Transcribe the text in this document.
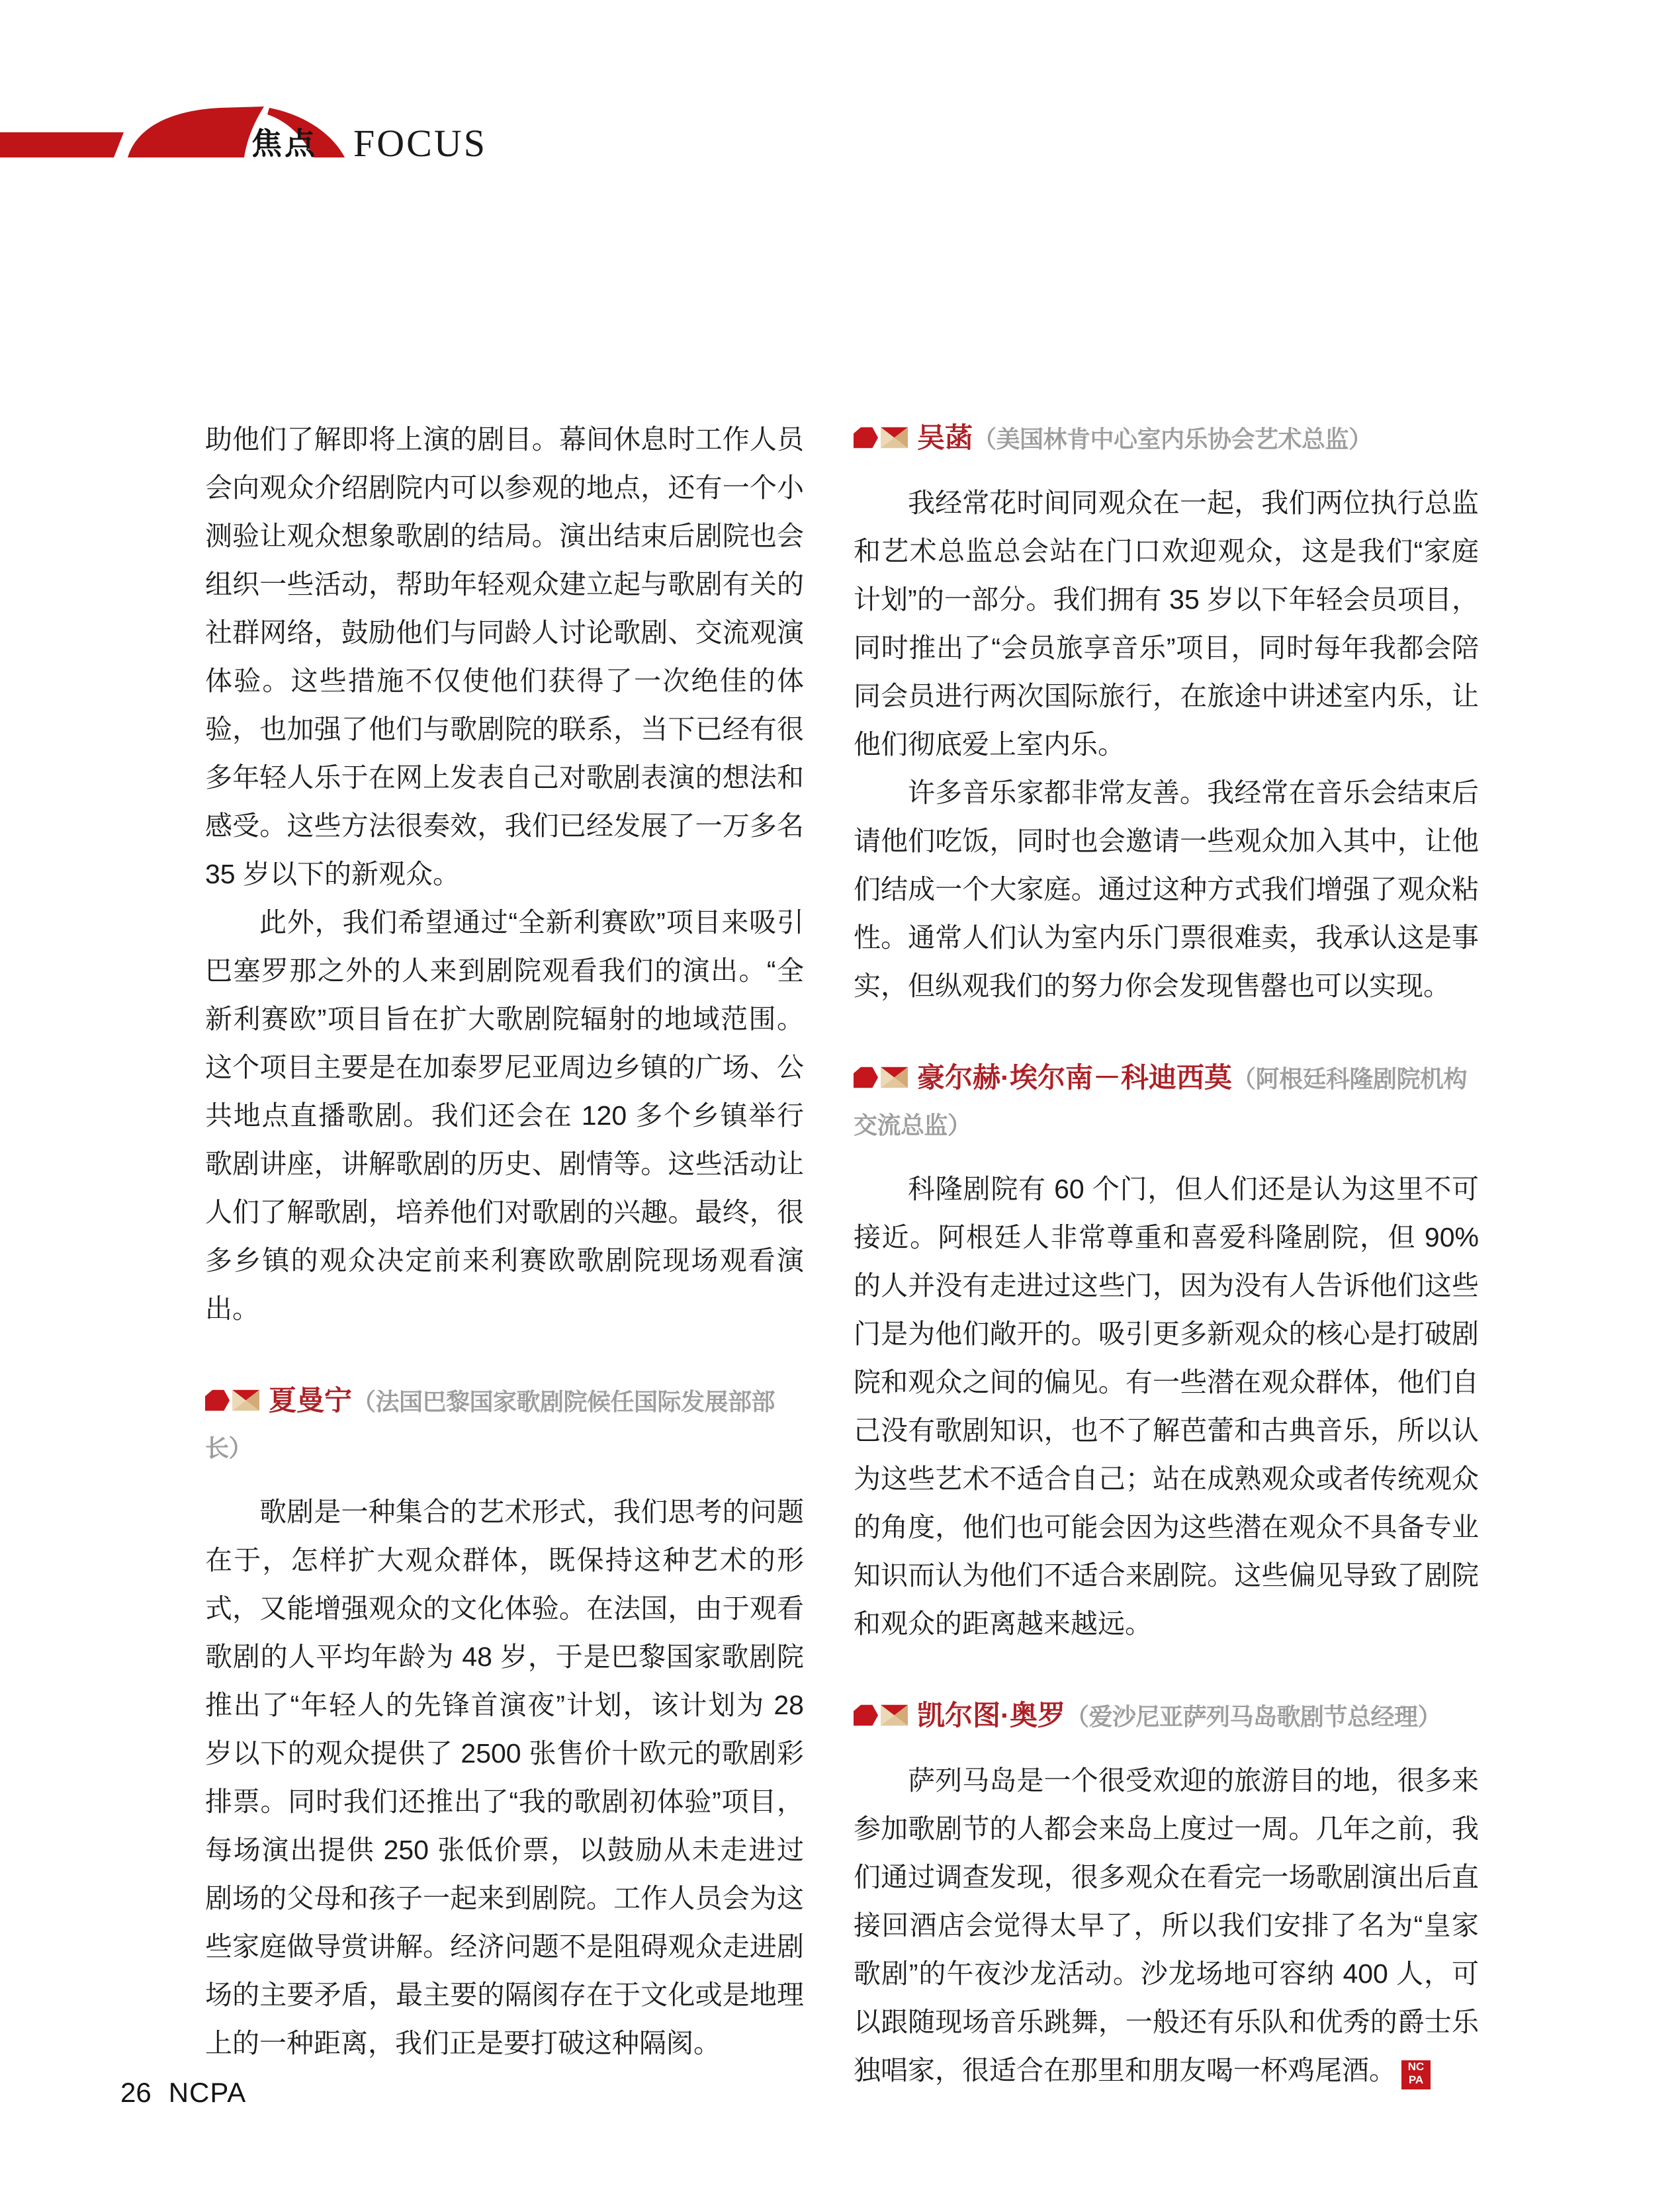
焦点 FOCUS

助他们了解即将上演的剧目。幕间休息时工作人员会向观众介绍剧院内可以参观的地点，还有一个小测验让观众想象歌剧的结局。演出结束后剧院也会组织一些活动，帮助年轻观众建立起与歌剧有关的社群网络，鼓励他们与同龄人讨论歌剧、交流观演体验。这些措施不仅使他们获得了一次绝佳的体验，也加强了他们与歌剧院的联系，当下已经有很多年轻人乐于在网上发表自己对歌剧表演的想法和感受。这些方法很奏效，我们已经发展了一万多名 35 岁以下的新观众。

此外，我们希望通过“全新利赛欧”项目来吸引巴塞罗那之外的人来到剧院观看我们的演出。“全新利赛欧”项目旨在扩大歌剧院辐射的地域范围。这个项目主要是在加泰罗尼亚周边乡镇的广场、公共地点直播歌剧。我们还会在 120 多个乡镇举行歌剧讲座，讲解歌剧的历史、剧情等。这些活动让人们了解歌剧，培养他们对歌剧的兴趣。最终，很多乡镇的观众决定前来利赛欧歌剧院现场观看演出。

夏曼宁（法国巴黎国家歌剧院候任国际发展部部长）

歌剧是一种集合的艺术形式，我们思考的问题在于，怎样扩大观众群体，既保持这种艺术的形式，又能增强观众的文化体验。在法国，由于观看歌剧的人平均年龄为 48 岁，于是巴黎国家歌剧院推出了“年轻人的先锋首演夜”计划，该计划为 28 岁以下的观众提供了 2500 张售价十欧元的歌剧彩排票。同时我们还推出了“我的歌剧初体验”项目，每场演出提供 250 张低价票，以鼓励从未走进过剧场的父母和孩子一起来到剧院。工作人员会为这些家庭做导赏讲解。经济问题不是阻碍观众走进剧场的主要矛盾，最主要的隔阂存在于文化或是地理上的一种距离，我们正是要打破这种隔阂。

吴菡（美国林肯中心室内乐协会艺术总监）

我经常花时间同观众在一起，我们两位执行总监和艺术总监总会站在门口欢迎观众，这是我们“家庭计划”的一部分。我们拥有 35 岁以下年轻会员项目，同时推出了“会员旅享音乐”项目，同时每年我都会陪同会员进行两次国际旅行，在旅途中讲述室内乐，让他们彻底爱上室内乐。

许多音乐家都非常友善。我经常在音乐会结束后请他们吃饭，同时也会邀请一些观众加入其中，让他们结成一个大家庭。通过这种方式我们增强了观众粘性。通常人们认为室内乐门票很难卖，我承认这是事实，但纵观我们的努力你会发现售罄也可以实现。

豪尔赫·埃尔南－科迪西莫（阿根廷科隆剧院机构交流总监）

科隆剧院有 60 个门，但人们还是认为这里不可接近。阿根廷人非常尊重和喜爱科隆剧院，但 90% 的人并没有走进过这些门，因为没有人告诉他们这些门是为他们敞开的。吸引更多新观众的核心是打破剧院和观众之间的偏见。有一些潜在观众群体，他们自己没有歌剧知识，也不了解芭蕾和古典音乐，所以认为这些艺术不适合自己；站在成熟观众或者传统观众的角度，他们也可能会因为这些潜在观众不具备专业知识而认为他们不适合来剧院。这些偏见导致了剧院和观众的距离越来越远。

凯尔图·奥罗（爱沙尼亚萨列马岛歌剧节总经理）

萨列马岛是一个很受欢迎的旅游目的地，很多来参加歌剧节的人都会来岛上度过一周。几年之前，我们通过调查发现，很多观众在看完一场歌剧演出后直接回酒店会觉得太早了，所以我们安排了名为“皇家歌剧”的午夜沙龙活动。沙龙场地可容纳 400 人，可以跟随现场音乐跳舞，一般还有乐队和优秀的爵士乐独唱家，很适合在那里和朋友喝一杯鸡尾酒。	NC
PA

26 NCPA
